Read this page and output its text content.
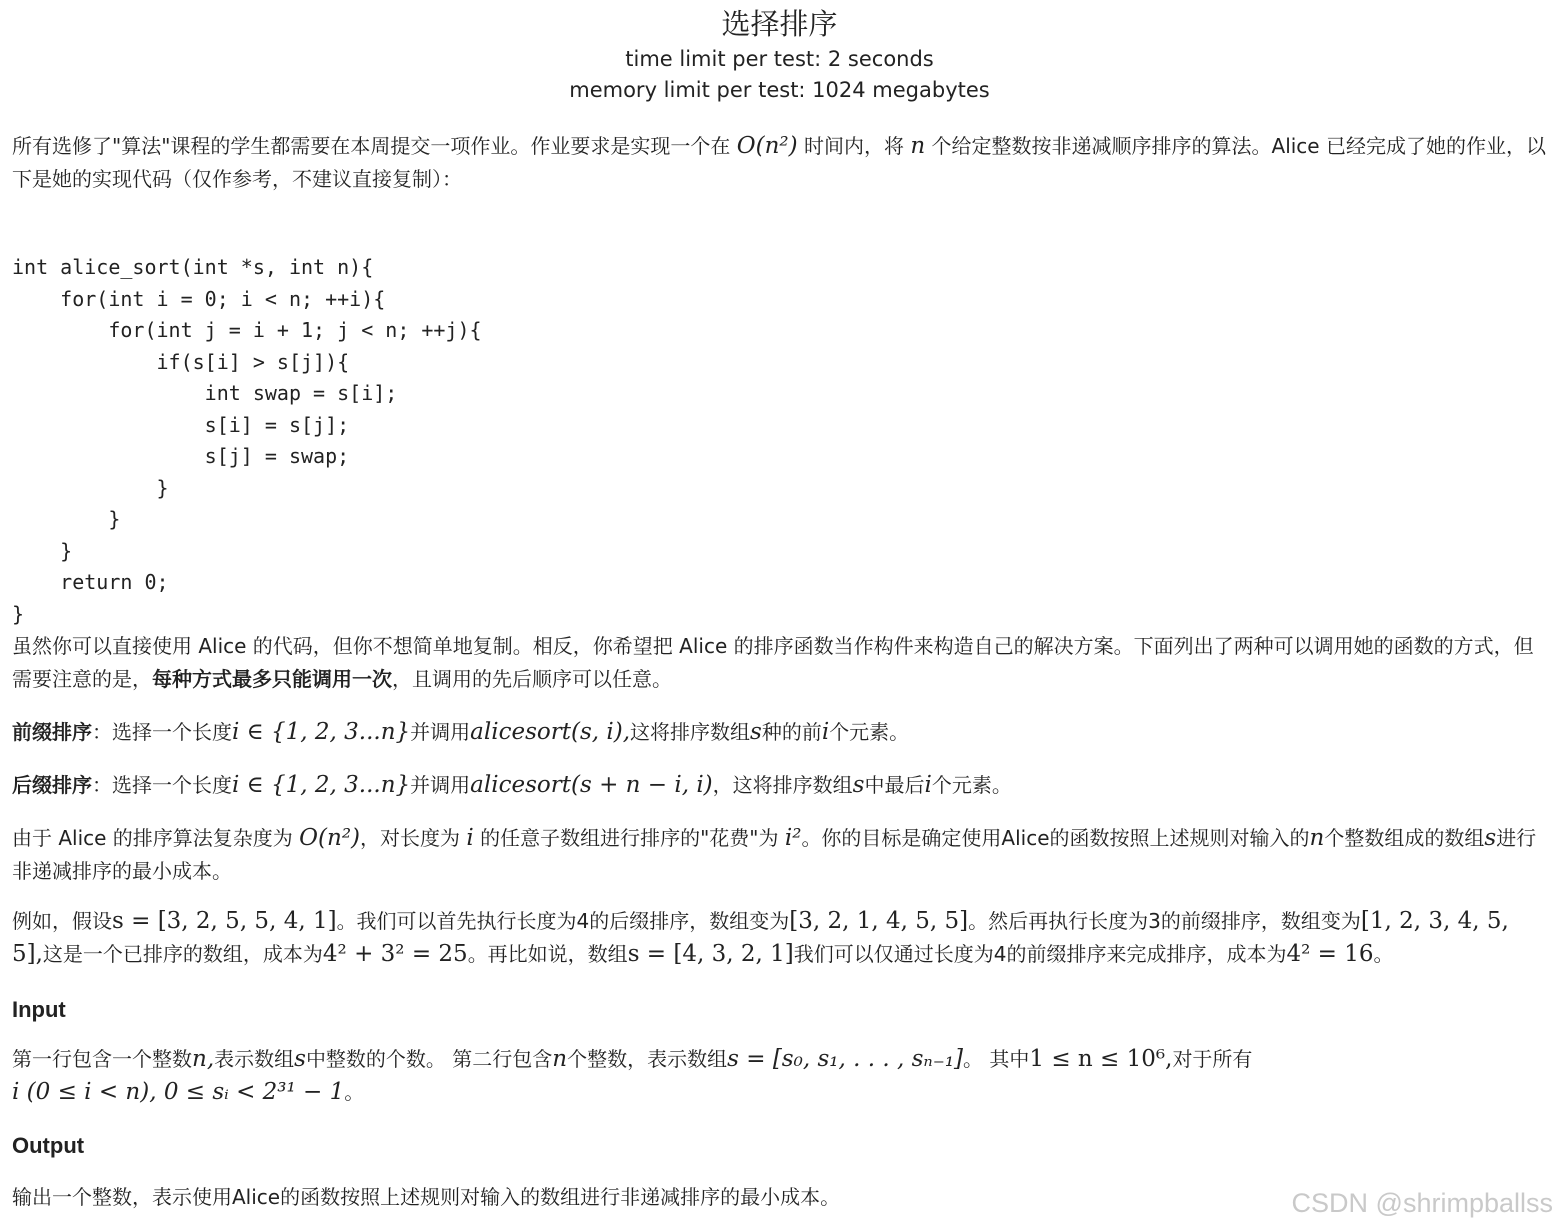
选择排序
time limit per test: 2 seconds
memory limit per test: 1024 megabytes

所有选修了"算法"课程的学生都需要在本周提交一项作业。作业要求是实现一个在 O(n²) 时间内，将 n 个给定整数按非递减顺序排序的算法。Alice 已经完成了她的作业，以下是她的实现代码（仅作参考，不建议直接复制）：

int alice_sort(int *s, int n){
for(int i = 0; i < n; ++i){
for(int j = i + 1; j < n; ++j){
if(s[i] > s[j]){
int swap = s[i];
s[i] = s[j];
s[j] = swap;
}
}
}
return 0;
}

虽然你可以直接使用 Alice 的代码，但你不想简单地复制。相反，你希望把 Alice 的排序函数当作构件来构造自己的解决方案。下面列出了两种可以调用她的函数的方式，但需要注意的是，每种方式最多只能调用一次，且调用的先后顺序可以任意。

前缀排序：选择一个长度i ∈ {1, 2, 3...n}并调用alicesort(s, i),这将排序数组s种的前i个元素。

后缀排序：选择一个长度i ∈ {1, 2, 3...n}并调用alicesort(s + n − i, i)，这将排序数组s中最后i个元素。

由于 Alice 的排序算法复杂度为 O(n²)，对长度为 i 的任意子数组进行排序的"花费"为 i²。你的目标是确定使用Alice的函数按照上述规则对输入的n个整数组成的数组s进行非递减排序的最小成本。

例如，假设s = [3, 2, 5, 5, 4, 1]。我们可以首先执行长度为4的后缀排序，数组变为[3, 2, 1, 4, 5, 5]。然后再执行长度为3的前缀排序，数组变为[1, 2, 3, 4, 5, 5],这是一个已排序的数组，成本为4² + 3² = 25。再比如说，数组s = [4, 3, 2, 1]我们可以仅通过长度为4的前缀排序来完成排序，成本为4² = 16。

Input

第一行包含一个整数n,表示数组s中整数的个数。 第二行包含n个整数，表示数组s = [s₀, s₁, . . . , sₙ₋₁]。 其中1 ≤ n ≤ 10⁶,对于所有
i (0 ≤ i < n), 0 ≤ sᵢ < 2³¹ − 1。

Output

输出一个整数，表示使用Alice的函数按照上述规则对输入的数组进行非递减排序的最小成本。	CSDN @shrimpballss
